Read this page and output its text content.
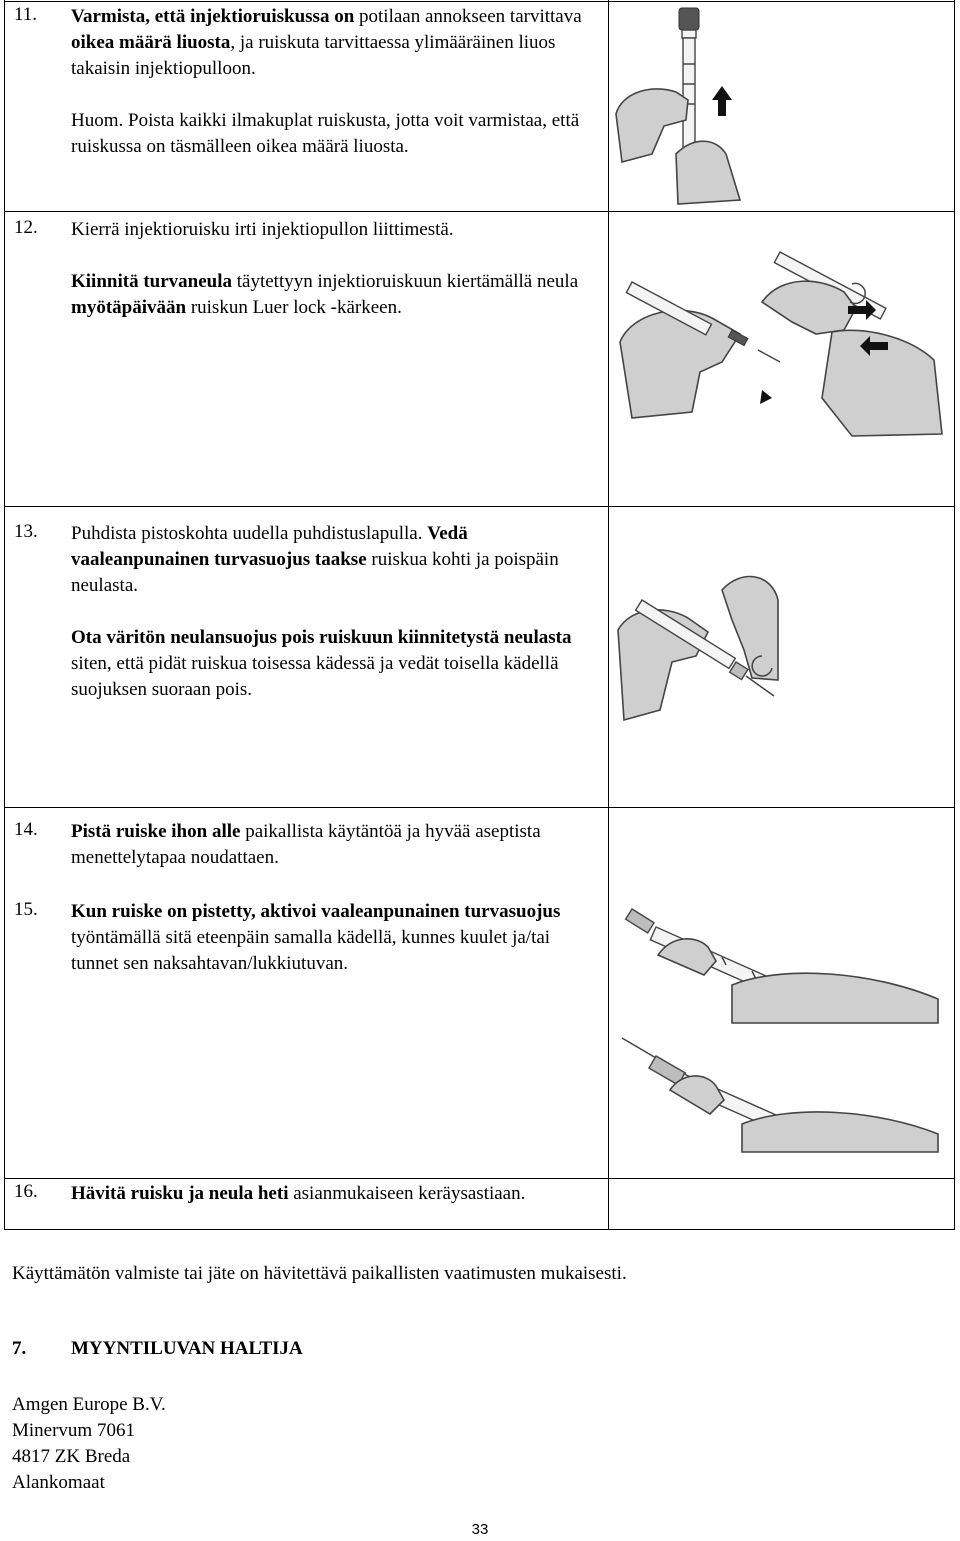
11. Varmista, että injektioruiskussa on potilaan annokseen tarvittava oikea määrä liuosta, ja ruiskuta tarvittaessa ylimääräinen liuos takaisin injektiopulloon.

Huom. Poista kaikki ilmakuplat ruiskusta, jotta voit varmistaa, että ruiskussa on täsmälleen oikea määrä liuosta.

12. Kierrä injektioruisku irti injektiopullon liittimestä.

Kiinnitä turvaneula täytettyyn injektioruiskuun kiertämällä neula myötäpäivään ruiskun Luer lock -kärkeen.

13. Puhdista pistoskohta uudella puhdistuslapulla. Vedä vaaleanpunainen turvasuojus taakse ruiskua kohti ja poispäin neulasta.

Ota väritön neulansuojus pois ruiskuun kiinnitetystä neulasta siten, että pidät ruiskua toisessa kädessä ja vedät toisella kädellä suojuksen suoraan pois.

14. Pistä ruiske ihon alle paikallista käytäntöä ja hyvää aseptista menettelytapaa noudattaen.

15. Kun ruiske on pistetty, aktivoi vaaleanpunainen turvasuojus työntämällä sitä eteenpäin samalla kädellä, kunnes kuulet ja/tai tunnet sen naksahtavan/lukkiutuvan.

16. Hävitä ruisku ja neula heti asianmukaiseen keräysastiaan.

Käyttämätön valmiste tai jäte on hävitettävä paikallisten vaatimusten mukaisesti.
7. MYYNTILUVAN HALTIJA
Amgen Europe B.V.
Minervum 7061
4817 ZK Breda
Alankomaat
33
